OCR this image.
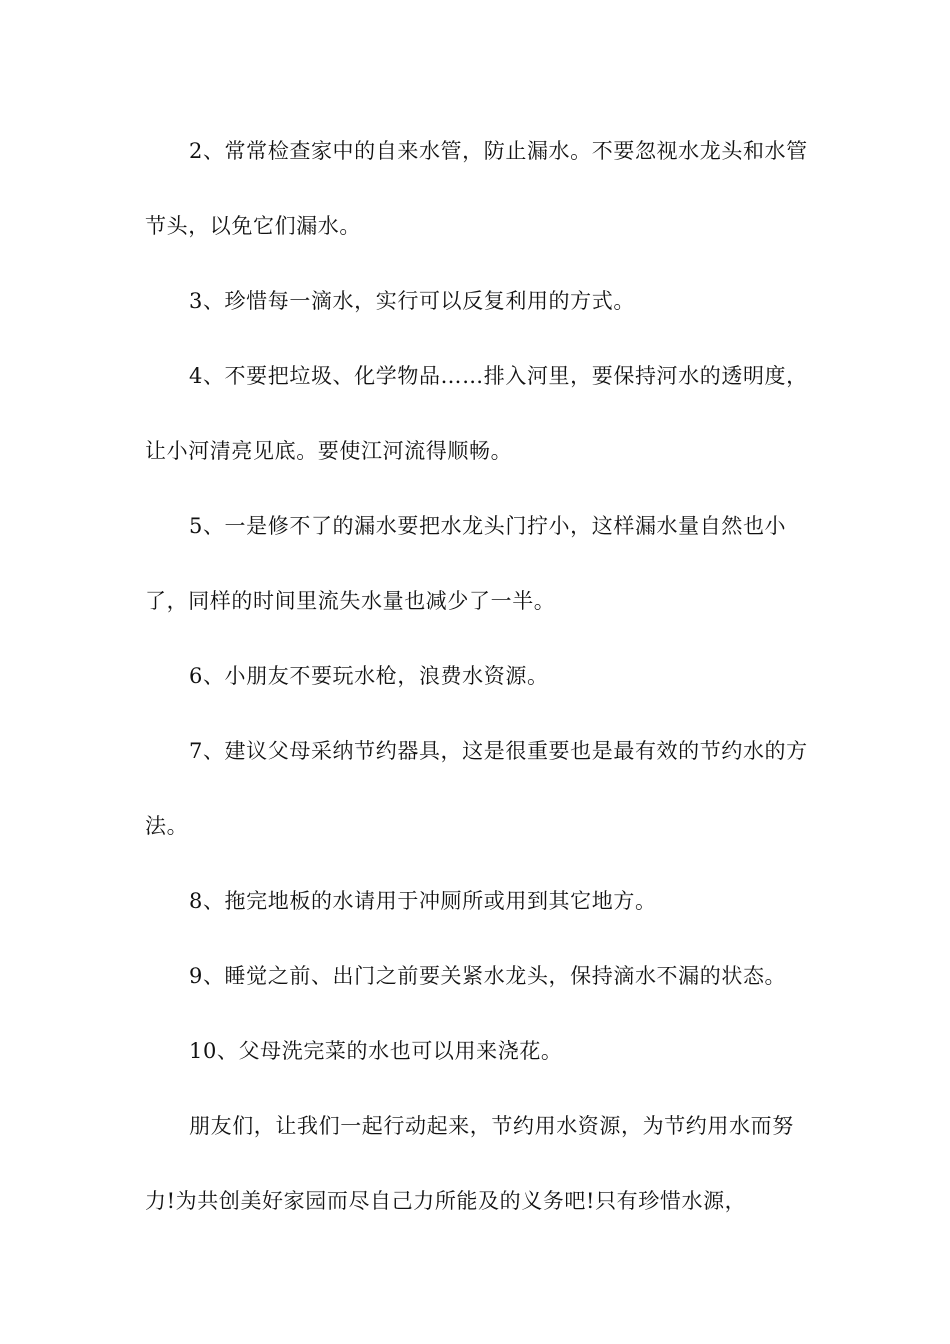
2、常常检查家中的自来水管，防止漏水。不要忽视水龙头和水管节头，以免它们漏水。

3、珍惜每一滴水，实行可以反复利用的方式。

4、不要把垃圾、化学物品……排入河里，要保持河水的透明度，让小河清亮见底。要使江河流得顺畅。

5、一是修不了的漏水要把水龙头门拧小，这样漏水量自然也小了，同样的时间里流失水量也减少了一半。

6、小朋友不要玩水枪，浪费水资源。

7、建议父母采纳节约器具，这是很重要也是最有效的节约水的方法。

8、拖完地板的水请用于冲厕所或用到其它地方。

9、睡觉之前、出门之前要关紧水龙头，保持滴水不漏的状态。

10、父母洗完菜的水也可以用来浇花。

朋友们，让我们一起行动起来，节约用水资源，为节约用水而努力!为共创美好家园而尽自己力所能及的义务吧!只有珍惜水源，
